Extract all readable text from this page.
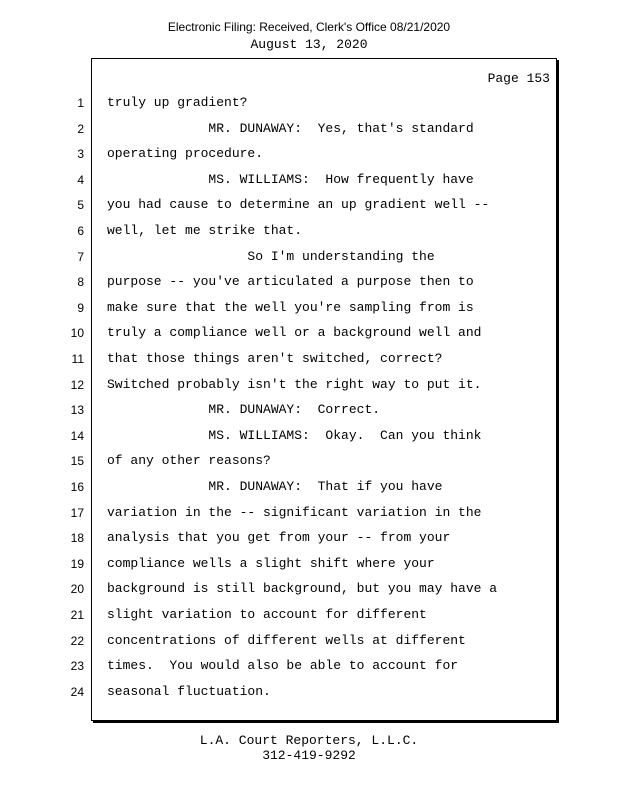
Electronic Filing: Received, Clerk's Office 08/21/2020
August 13, 2020
Page 153
1 truly up gradient?
2 MR. DUNAWAY:  Yes, that's standard
3 operating procedure.
4 MS. WILLIAMS:  How frequently have
5 you had cause to determine an up gradient well --
6 well, let me strike that.
7 So I'm understanding the
8 purpose -- you've articulated a purpose then to
9 make sure that the well you're sampling from is
10 truly a compliance well or a background well and
11 that those things aren't switched, correct?
12 Switched probably isn't the right way to put it.
13 MR. DUNAWAY:  Correct.
14 MS. WILLIAMS:  Okay.  Can you think
15 of any other reasons?
16 MR. DUNAWAY:  That if you have
17 variation in the -- significant variation in the
18 analysis that you get from your -- from your
19 compliance wells a slight shift where your
20 background is still background, but you may have a
21 slight variation to account for different
22 concentrations of different wells at different
23 times.  You would also be able to account for
24 seasonal fluctuation.
L.A. Court Reporters, L.L.C.
312-419-9292
